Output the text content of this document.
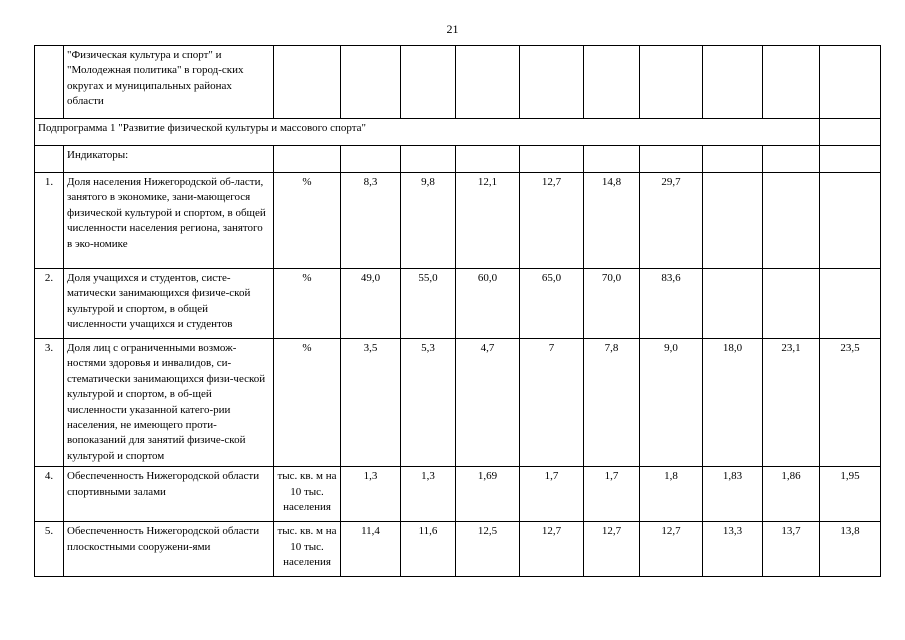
21
	"Физическая культура и спорт" и "Молодежная политика" в город-ских округах и муниципальных районах области										
Подпрограмма 1 "Развитие физической культуры и массового спорта"											
	Индикаторы:										
1.	Доля населения Нижегородской об-ласти, занятого в экономике, зани-мающегося физической культурой и спортом, в общей численности населения региона, занятого в эко-номике	%	8,3	9,8	12,1	12,7	14,8	29,7			
2.	Доля учащихся и студентов, систе-матически занимающихся физиче-ской культурой и спортом, в общей численности учащихся и студентов	%	49,0	55,0	60,0	65,0	70,0	83,6			
3.	Доля лиц с ограниченными возмож-ностями здоровья и инвалидов, си-стематически занимающихся физи-ческой культурой и спортом, в об-щей численности указанной катего-рии населения, не имеющего проти-вопоказаний для занятий физиче-ской культурой и спортом	%	3,5	5,3	4,7	7	7,8	9,0	18,0	23,1	23,5
4.	Обеспеченность Нижегородской области спортивными залами	тыс. кв. м на 10 тыс. населения	1,3	1,3	1,69	1,7	1,7	1,8	1,83	1,86	1,95
5.	Обеспеченность Нижегородской области плоскостными сооружени-ями	тыс. кв. м на 10 тыс. населения	11,4	11,6	12,5	12,7	12,7	12,7	13,3	13,7	13,8
